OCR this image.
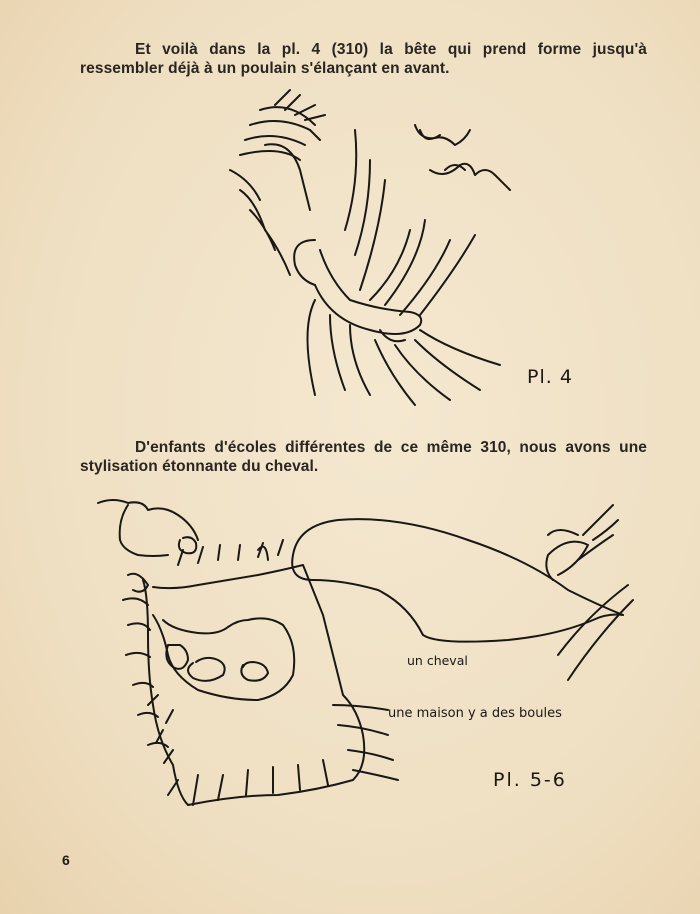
Et voilà dans la pl. 4 (310) la bête qui prend forme jusqu'à ressembler déjà à un poulain s'élançant en avant.

Pl. 4

D'enfants d'écoles différentes de ce même 310, nous avons une stylisation étonnante du cheval.

un cheval
une maison y a des boules
Pl. 5-6
6
